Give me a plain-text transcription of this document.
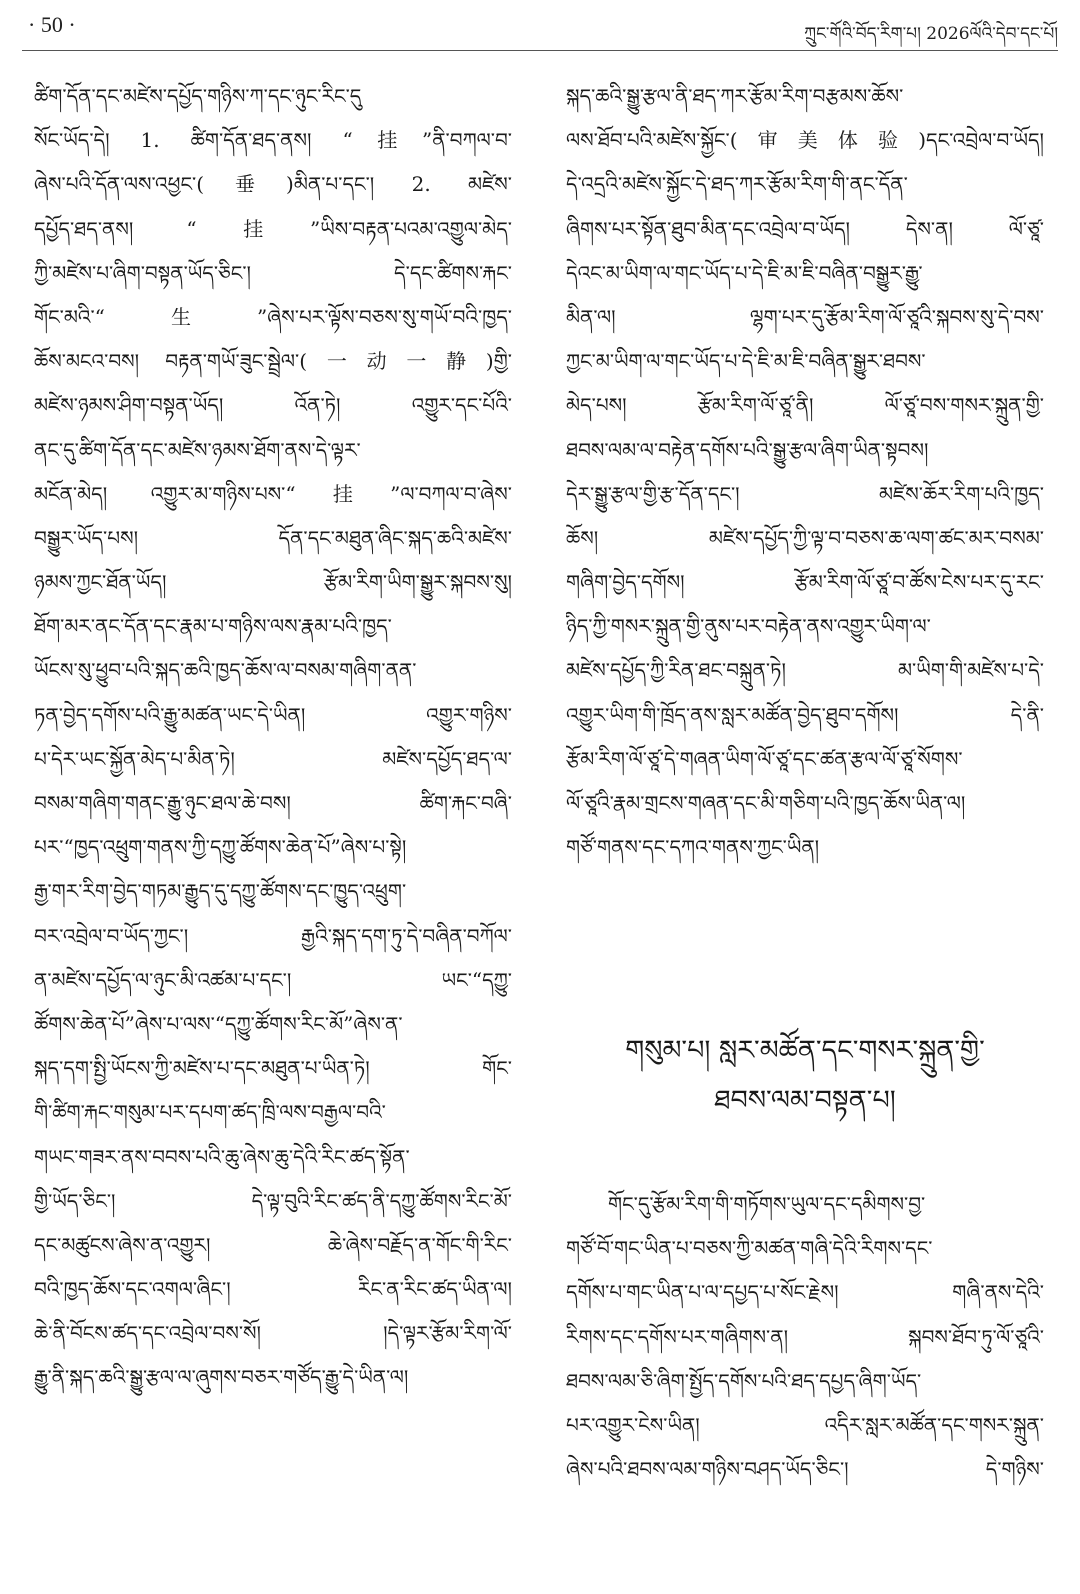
· 50 ·	ཀྲུང་གོའི་བོད་རིག་པ། 2026ལོའི་དེབ་དང་པོ།
ཚིག་དོན་དང་མཛེས་དཔྱོད་གཉིས་ཀ་དང་ཉུང་རིང་དུ
སོང་ཡོད་དེ། 1. ཚིག་དོན་ཐད་ནས། “挂”ནི་བཀལ་བ་
ཞེས་པའི་དོན་ལས་འཕྱང་(垂)མིན་པ་དང་། 2. མཛེས་
དཔྱོད་ཐད་ནས། “挂”ཡིས་བརྟན་པའམ་འགྱུལ་མེད་
ཀྱི་མཛེས་པ་ཞིག་བསྟན་ཡོད་ཅིང་། དེ་དང་ཚིགས་རྐང་
གོང་མའི་“生”ཞེས་པར་ལྟོས་བཅས་སུ་གཡོ་བའི་ཁྱད་
ཆོས་མངའ་བས། བརྟན་གཡོ་ཟུང་སྦྲེལ་(一动一静)གྱི་
མཛེས་ཉམས་ཤིག་བསྟན་ཡོད། འོན་ཏེ། འགྱུར་དང་པོའི་
ནང་དུ་ཚིག་དོན་དང་མཛེས་ཉམས་ཐོག་ནས་དེ་ལྟར་
མངོན་མེད། འགྱུར་མ་གཉིས་པས་“挂”ལ་བཀལ་བ་ཞེས་
བསྒྱུར་ཡོད་པས། དོན་དང་མཐུན་ཞིང་སྐད་ཆའི་མཛེས་
ཉམས་ཀྱང་ཐོན་ཡོད། རྩོམ་རིག་ཡིག་སྒྱུར་སྐབས་སུ།
ཐོག་མར་ནང་དོན་དང་རྣམ་པ་གཉིས་ལས་རྣམ་པའི་ཁྱད་
ཡོངས་སུ་ཕྱུབ་པའི་སྐད་ཆའི་ཁྱད་ཆོས་ལ་བསམ་གཞིག་ནན་
ཏན་བྱེད་དགོས་པའི་རྒྱུ་མཚན་ཡང་དེ་ཡིན། འགྱུར་གཉིས་
པ་དེར་ཡང་སྐྱོན་མེད་པ་མིན་ཏེ། མཛེས་དཔྱོད་ཐད་ལ་
བསམ་གཞིག་གནང་རྒྱུ་ཉུང་ཐལ་ཆེ་བས། ཚིག་རྐང་བཞི་
པར་“ཁྱད་འཕྲུག་གནས་ཀྱི་དཀྱུ་ཚོགས་ཆེན་པོ”ཞེས་པ་སྟེ།
རྒྱ་གར་རིག་བྱེད་གཏམ་རྒྱུད་དུ་དཀྱུ་ཚོགས་དང་ཁྱུད་འཕྲུག་
བར་འབྲེལ་བ་ཡོད་ཀྱང་། རྒྱའི་སྐད་དག་ཏུ་དེ་བཞིན་བཀོལ་
ན་མཛེས་དཔྱོད་ལ་ཉུང་མི་འཚམ་པ་དང་། ཡང་“དཀྱུ་
ཚོགས་ཆེན་པོ”ཞེས་པ་ལས་“དཀྱུ་ཚོགས་རིང་མོ”ཞེས་ན་
སྐད་དག་སྤྱི་ཡོངས་ཀྱི་མཛེས་པ་དང་མཐུན་པ་ཡིན་ཏེ། གོང་
གི་ཚིག་རྐང་གསུམ་པར་དཔག་ཚད་ཁྲི་ལས་བརྒྱལ་བའི་
གཡང་གཟར་ནས་བབས་པའི་ཆུ་ཞེས་ཆུ་དེའི་རིང་ཚད་སྟོན་
གྱི་ཡོད་ཅིང་། དེ་ལྟ་བུའི་རིང་ཚད་ནི་དཀྱུ་ཚོགས་རིང་མོ་
དང་མཚུངས་ཞེས་ན་འགྱུར། ཆེ་ཞེས་བརྗོད་ན་གོང་གི་རིང་
བའི་ཁྱད་ཆོས་དང་འགལ་ཞིང་། རིང་ན་རིང་ཚད་ཡིན་ལ།
ཆེ་ནི་བོངས་ཚད་དང་འབྲེལ་བས་སོ། །དེ་ལྟར་རྩོམ་རིག་ལོ་
རྒྱུ་ནི་སྐད་ཆའི་སྒྱུ་རྩལ་ལ་ཞུགས་བཅར་གཙོད་རྒྱུ་དེ་ཡིན་ལ།
སྐད་ཆའི་སྒྱུ་རྩལ་ནི་ཐད་ཀར་རྩོམ་རིག་བརྩམས་ཆོས་
ལས་ཐོབ་པའི་མཛེས་སྐྱོང་(审美体验)དང་འབྲེལ་བ་ཡོད།
དེ་འདྲའི་མཛེས་སྐྱོང་དེ་ཐད་ཀར་རྩོམ་རིག་གི་ནང་དོན་
ཞིགས་པར་སྟོན་ཐུབ་མིན་དང་འབྲེལ་བ་ཡོད། དེས་ན། ལོ་ཙཱ་
དེའང་མ་ཡིག་ལ་གང་ཡོད་པ་དེ་ཇི་མ་ཇི་བཞིན་བསྒྱུར་རྒྱུ་
མིན་ལ། ལྷག་པར་དུ་རྩོམ་རིག་ལོ་ཙཱའི་སྐབས་སུ་དེ་བས་
ཀྱང་མ་ཡིག་ལ་གང་ཡོད་པ་དེ་ཇི་མ་ཇི་བཞིན་སྒྱུར་ཐབས་
མེད་པས། རྩོམ་རིག་ལོ་ཙཱ་ནི། ལོ་ཙཱ་བས་གསར་སྐྲུན་གྱི་
ཐབས་ལམ་ལ་བརྟེན་དགོས་པའི་སྒྱུ་རྩལ་ཞིག་ཡིན་སྟབས།
དེར་སྒྱུ་རྩལ་གྱི་རྩ་དོན་དང་། མཛེས་ཆོར་རིག་པའི་ཁྱད་
ཆོས། མཛེས་དཔྱོད་ཀྱི་ལྟ་བ་བཅས་ཆ་ལག་ཚང་མར་བསམ་
གཞིག་བྱེད་དགོས། རྩོམ་རིག་ལོ་ཙཱ་བ་ཚོས་ངེས་པར་དུ་རང་
ཉིད་ཀྱི་གསར་སྐྲུན་གྱི་ནུས་པར་བརྟེན་ནས་འགྱུར་ཡིག་ལ་
མཛེས་དཔྱོད་ཀྱི་རིན་ཐང་བསྐྲུན་ཏེ། མ་ཡིག་གི་མཛེས་པ་དེ་
འགྱུར་ཡིག་གི་ཁྲོད་ནས་སླར་མཚོན་བྱེད་ཐུབ་དགོས། དེ་ནི་
རྩོམ་རིག་ལོ་ཙཱ་དེ་གཞན་ཡིག་ལོ་ཙཱ་དང་ཚན་རྩལ་ལོ་ཙཱ་སོགས་
ལོ་ཙཱའི་རྣམ་གྲངས་གཞན་དང་མི་གཅིག་པའི་ཁྱད་ཆོས་ཡིན་ལ།
གཙོ་གནས་དང་དཀའ་གནས་ཀྱང་ཡིན།
གསུམ་པ། སླར་མཚོན་དང་གསར་སྐྲུན་གྱི་
ཐབས་ལམ་བསྟན་པ།
གོང་དུ་རྩོམ་རིག་གི་གཏོགས་ཡུལ་དང་དམིགས་བྱ་
གཙོ་བོ་གང་ཡིན་པ་བཅས་ཀྱི་མཚན་གཞི་དེའི་རིགས་དང་
དགོས་པ་གང་ཡིན་པ་ལ་དཔྱད་པ་སོང་རྗེས། གཞི་ནས་དེའི་
རིགས་དང་དགོས་པར་གཞིགས་ན། སྐབས་ཐོབ་ཏུ་ལོ་ཙཱའི་
ཐབས་ལམ་ཅི་ཞིག་སྤྱོད་དགོས་པའི་ཐད་དཔྱད་ཞིག་ཡོད་
པར་འགྱུར་ངེས་ཡིན། འདིར་སླར་མཚོན་དང་གསར་སྐྲུན་
ཞེས་པའི་ཐབས་ལམ་གཉིས་བཤད་ཡོད་ཅིང་། དེ་གཉིས་
